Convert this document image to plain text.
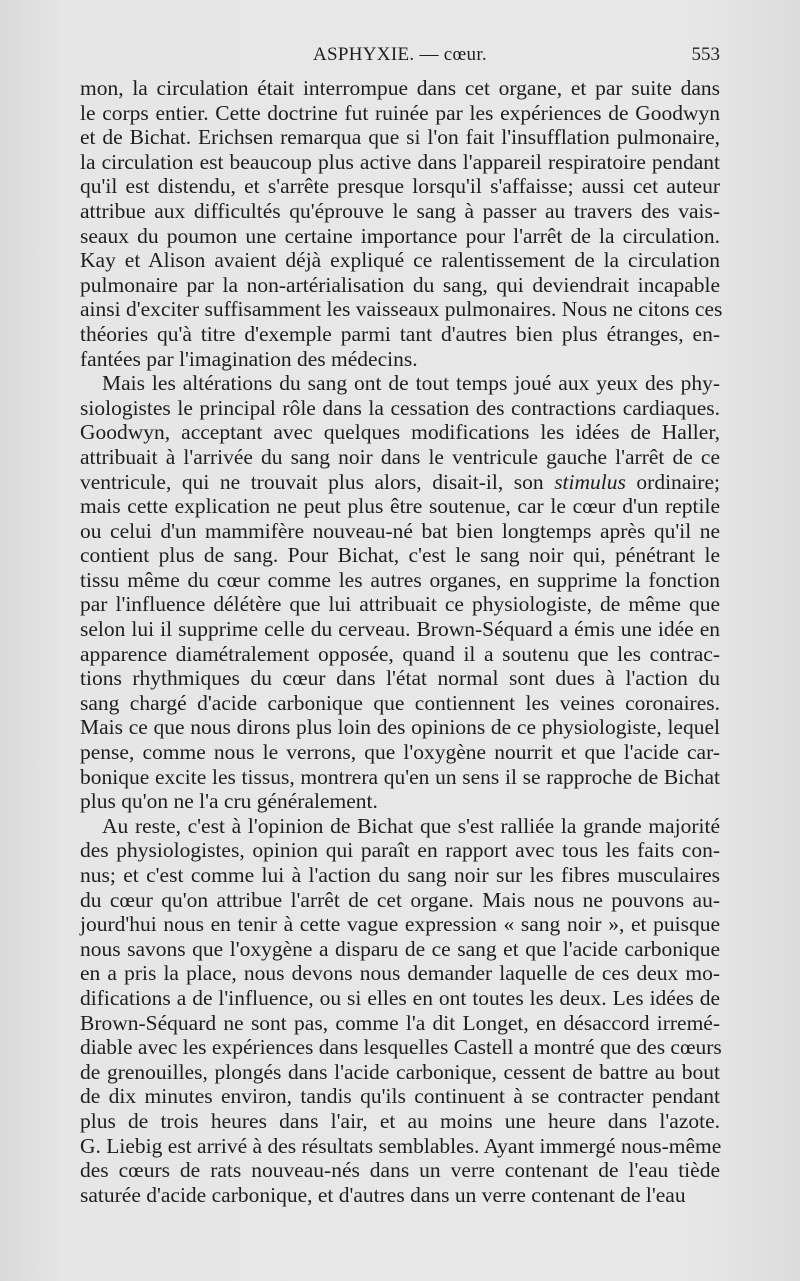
ASPHYXIE. — cœur.	553
mon, la circulation était interrompue dans cet organe, et par suite dans
le corps entier. Cette doctrine fut ruinée par les expériences de Goodwyn
et de Bichat. Erichsen remarqua que si l'on fait l'insufflation pulmonaire,
la circulation est beaucoup plus active dans l'appareil respiratoire pendant
qu'il est distendu, et s'arrête presque lorsqu'il s'affaisse; aussi cet auteur
attribue aux difficultés qu'éprouve le sang à passer au travers des vais-
seaux du poumon une certaine importance pour l'arrêt de la circulation.
Kay et Alison avaient déjà expliqué ce ralentissement de la circulation
pulmonaire par la non-artérialisation du sang, qui deviendrait incapable
ainsi d'exciter suffisamment les vaisseaux pulmonaires. Nous ne citons ces
théories qu'à titre d'exemple parmi tant d'autres bien plus étranges, en-
fantées par l'imagination des médecins.
Mais les altérations du sang ont de tout temps joué aux yeux des phy-
siologistes le principal rôle dans la cessation des contractions cardiaques.
Goodwyn, acceptant avec quelques modifications les idées de Haller,
attribuait à l'arrivée du sang noir dans le ventricule gauche l'arrêt de ce
ventricule, qui ne trouvait plus alors, disait-il, son stimulus ordinaire;
mais cette explication ne peut plus être soutenue, car le cœur d'un reptile
ou celui d'un mammifère nouveau-né bat bien longtemps après qu'il ne
contient plus de sang. Pour Bichat, c'est le sang noir qui, pénétrant le
tissu même du cœur comme les autres organes, en supprime la fonction
par l'influence délétère que lui attribuait ce physiologiste, de même que
selon lui il supprime celle du cerveau. Brown-Séquard a émis une idée en
apparence diamétralement opposée, quand il a soutenu que les contrac-
tions rhythmiques du cœur dans l'état normal sont dues à l'action du
sang chargé d'acide carbonique que contiennent les veines coronaires.
Mais ce que nous dirons plus loin des opinions de ce physiologiste, lequel
pense, comme nous le verrons, que l'oxygène nourrit et que l'acide car-
bonique excite les tissus, montrera qu'en un sens il se rapproche de Bichat
plus qu'on ne l'a cru généralement.
Au reste, c'est à l'opinion de Bichat que s'est ralliée la grande majorité
des physiologistes, opinion qui paraît en rapport avec tous les faits con-
nus; et c'est comme lui à l'action du sang noir sur les fibres musculaires
du cœur qu'on attribue l'arrêt de cet organe. Mais nous ne pouvons au-
jourd'hui nous en tenir à cette vague expression « sang noir », et puisque
nous savons que l'oxygène a disparu de ce sang et que l'acide carbonique
en a pris la place, nous devons nous demander laquelle de ces deux mo-
difications a de l'influence, ou si elles en ont toutes les deux. Les idées de
Brown-Séquard ne sont pas, comme l'a dit Longet, en désaccord irremé-
diable avec les expériences dans lesquelles Castell a montré que des cœurs
de grenouilles, plongés dans l'acide carbonique, cessent de battre au bout
de dix minutes environ, tandis qu'ils continuent à se contracter pendant
plus de trois heures dans l'air, et au moins une heure dans l'azote.
G. Liebig est arrivé à des résultats semblables. Ayant immergé nous-même
des cœurs de rats nouveau-nés dans un verre contenant de l'eau tiède
saturée d'acide carbonique, et d'autres dans un verre contenant de l'eau
